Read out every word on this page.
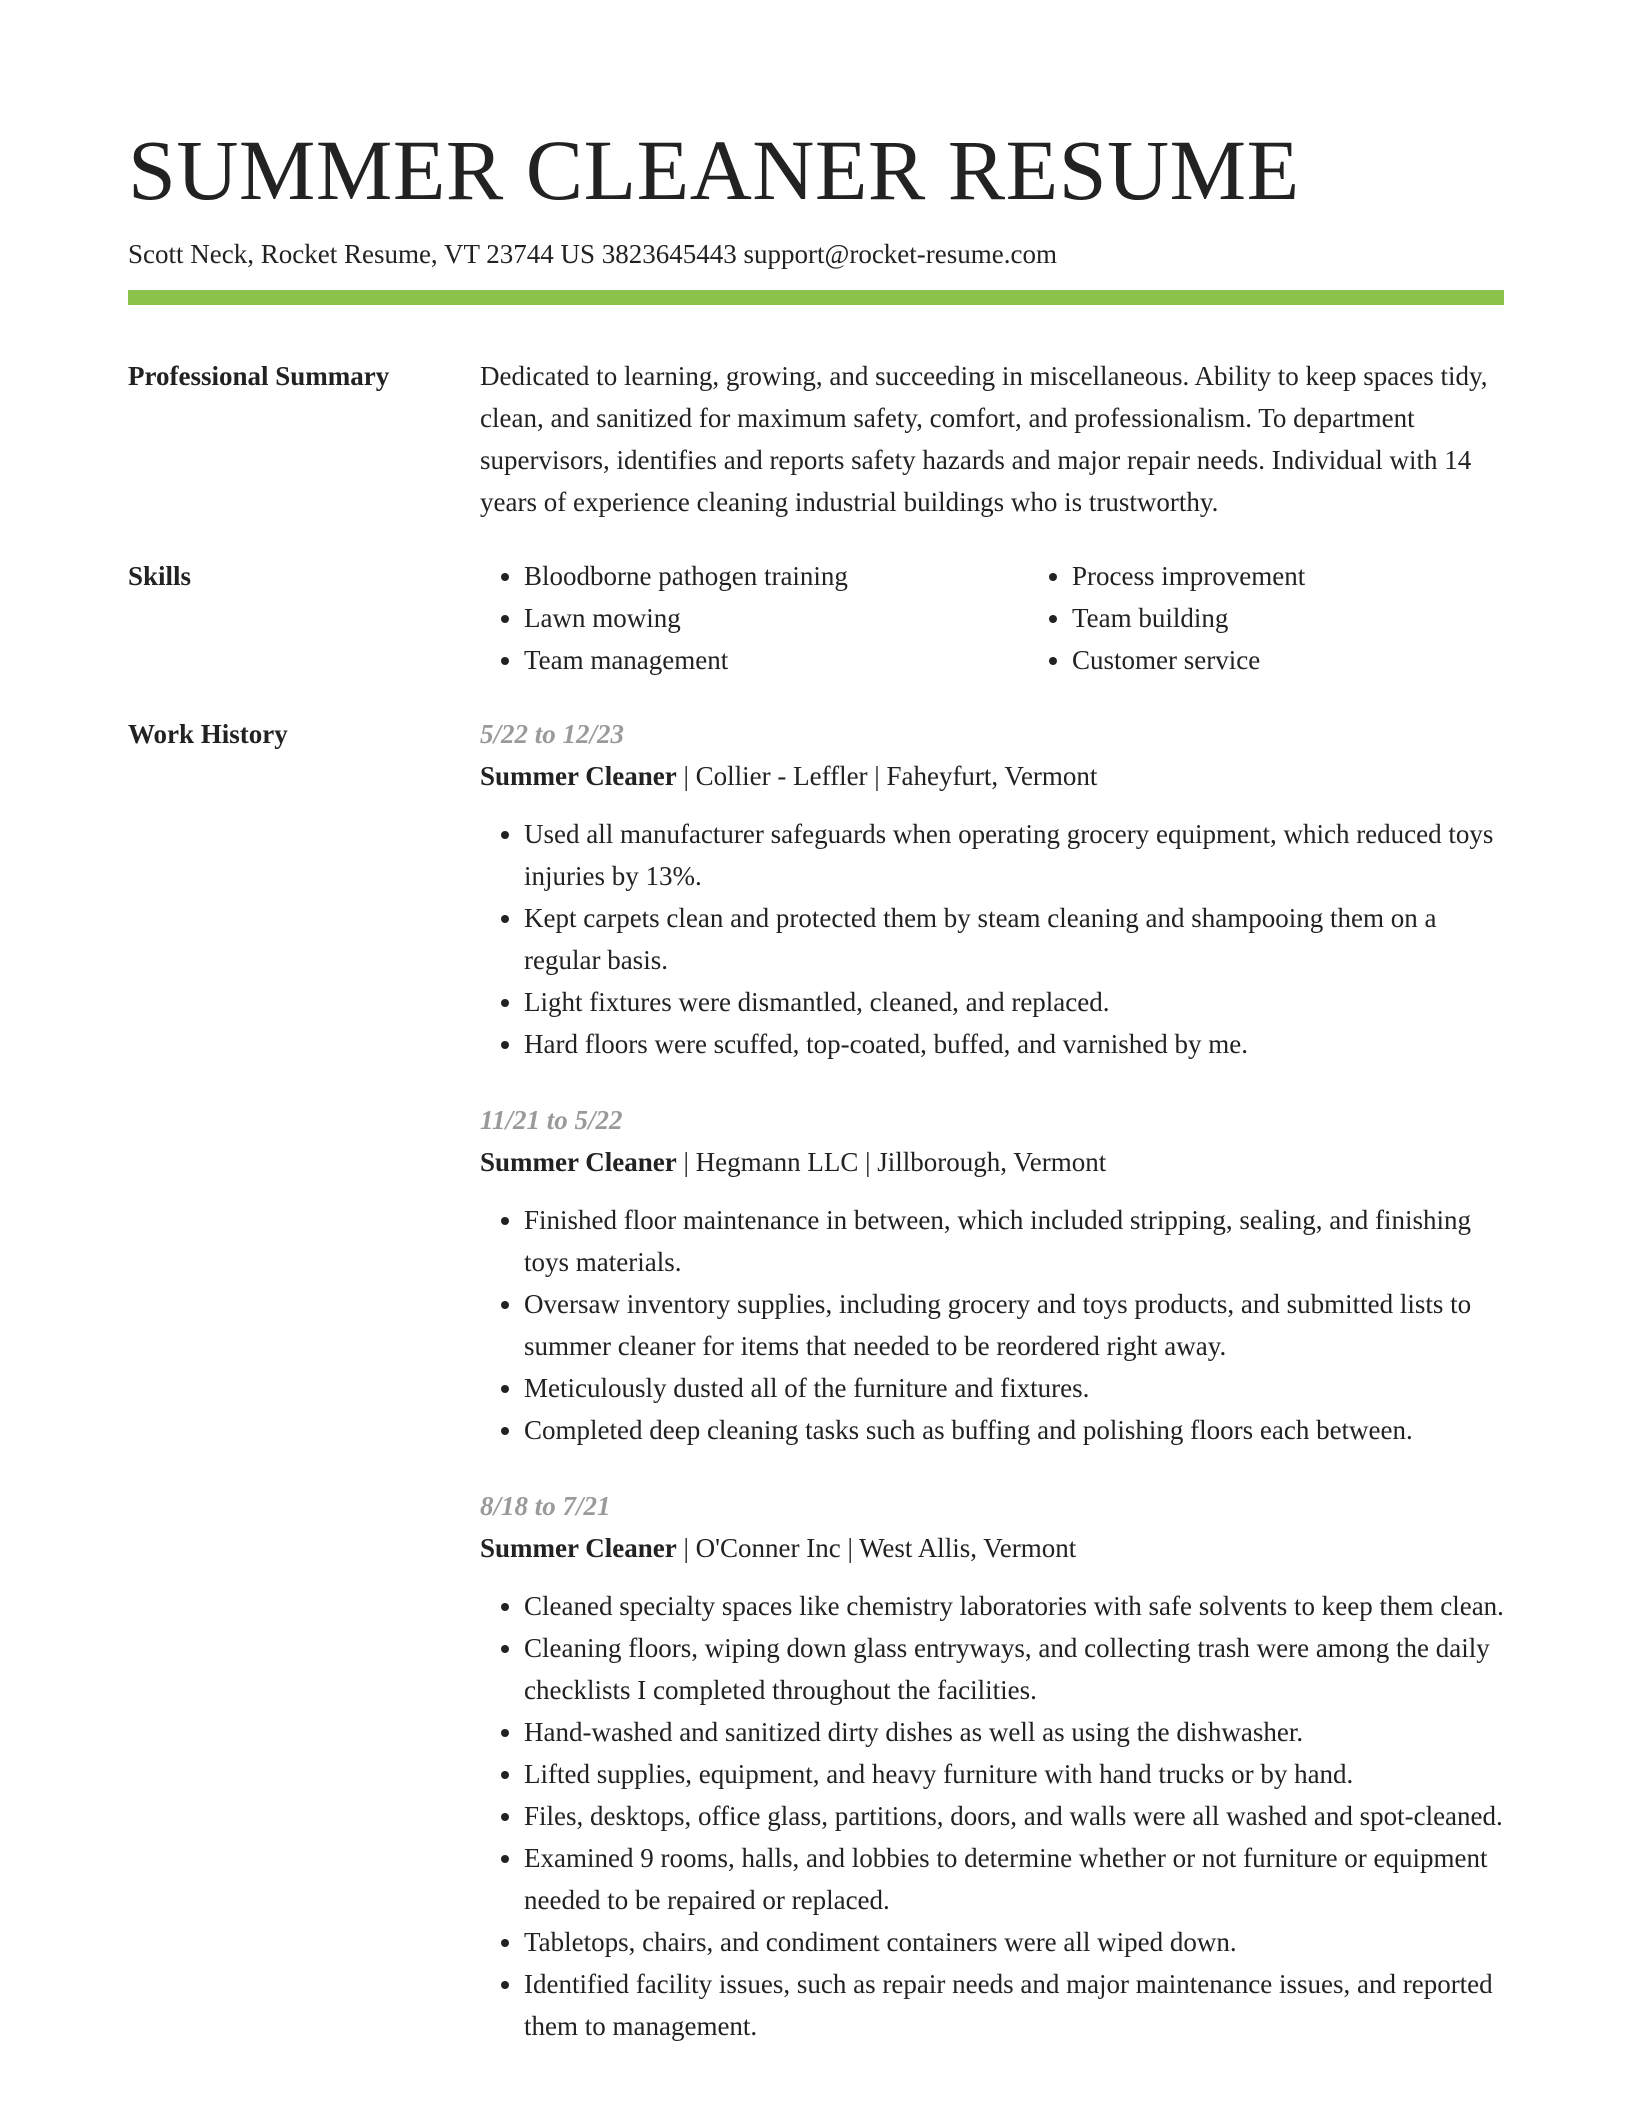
SUMMER CLEANER RESUME
Scott Neck, Rocket Resume, VT 23744 US 3823645443 support@rocket-resume.com
Professional Summary	Dedicated to learning, growing, and succeeding in miscellaneous. Ability to keep spaces tidy, clean, and sanitized for maximum safety, comfort, and professionalism. To department supervisors, identifies and reports safety hazards and major repair needs. Individual with 14 years of experience cleaning industrial buildings who is trustworthy.

Skills
•	Bloodborne pathogen training
• Lawn mowing
• Team management
• Process improvement
• Team building
• Customer service
Work History	5/22 to 12/23
Summer Cleaner | Collier - Leffler | Faheyfurt, Vermont
• Used all manufacturer safeguards when operating grocery equipment, which reduced toys injuries by 13%.
• Kept carpets clean and protected them by steam cleaning and shampooing them on a regular basis.
• Light fixtures were dismantled, cleaned, and replaced.
• Hard floors were scuffed, top-coated, buffed, and varnished by me.
11/21 to 5/22
Summer Cleaner | Hegmann LLC | Jillborough, Vermont
• Finished floor maintenance in between, which included stripping, sealing, and finishing toys materials.
• Oversaw inventory supplies, including grocery and toys products, and submitted lists to summer cleaner for items that needed to be reordered right away.
• Meticulously dusted all of the furniture and fixtures.
• Completed deep cleaning tasks such as buffing and polishing floors each between.
8/18 to 7/21
Summer Cleaner | O'Conner Inc | West Allis, Vermont
• Cleaned specialty spaces like chemistry laboratories with safe solvents to keep them clean.
• Cleaning floors, wiping down glass entryways, and collecting trash were among the daily checklists I completed throughout the facilities.
• Hand-washed and sanitized dirty dishes as well as using the dishwasher.
• Lifted supplies, equipment, and heavy furniture with hand trucks or by hand.
• Files, desktops, office glass, partitions, doors, and walls were all washed and spot-cleaned.
• Examined 9 rooms, halls, and lobbies to determine whether or not furniture or equipment needed to be repaired or replaced.
• Tabletops, chairs, and condiment containers were all wiped down.
• Identified facility issues, such as repair needs and major maintenance issues, and reported them to management.
